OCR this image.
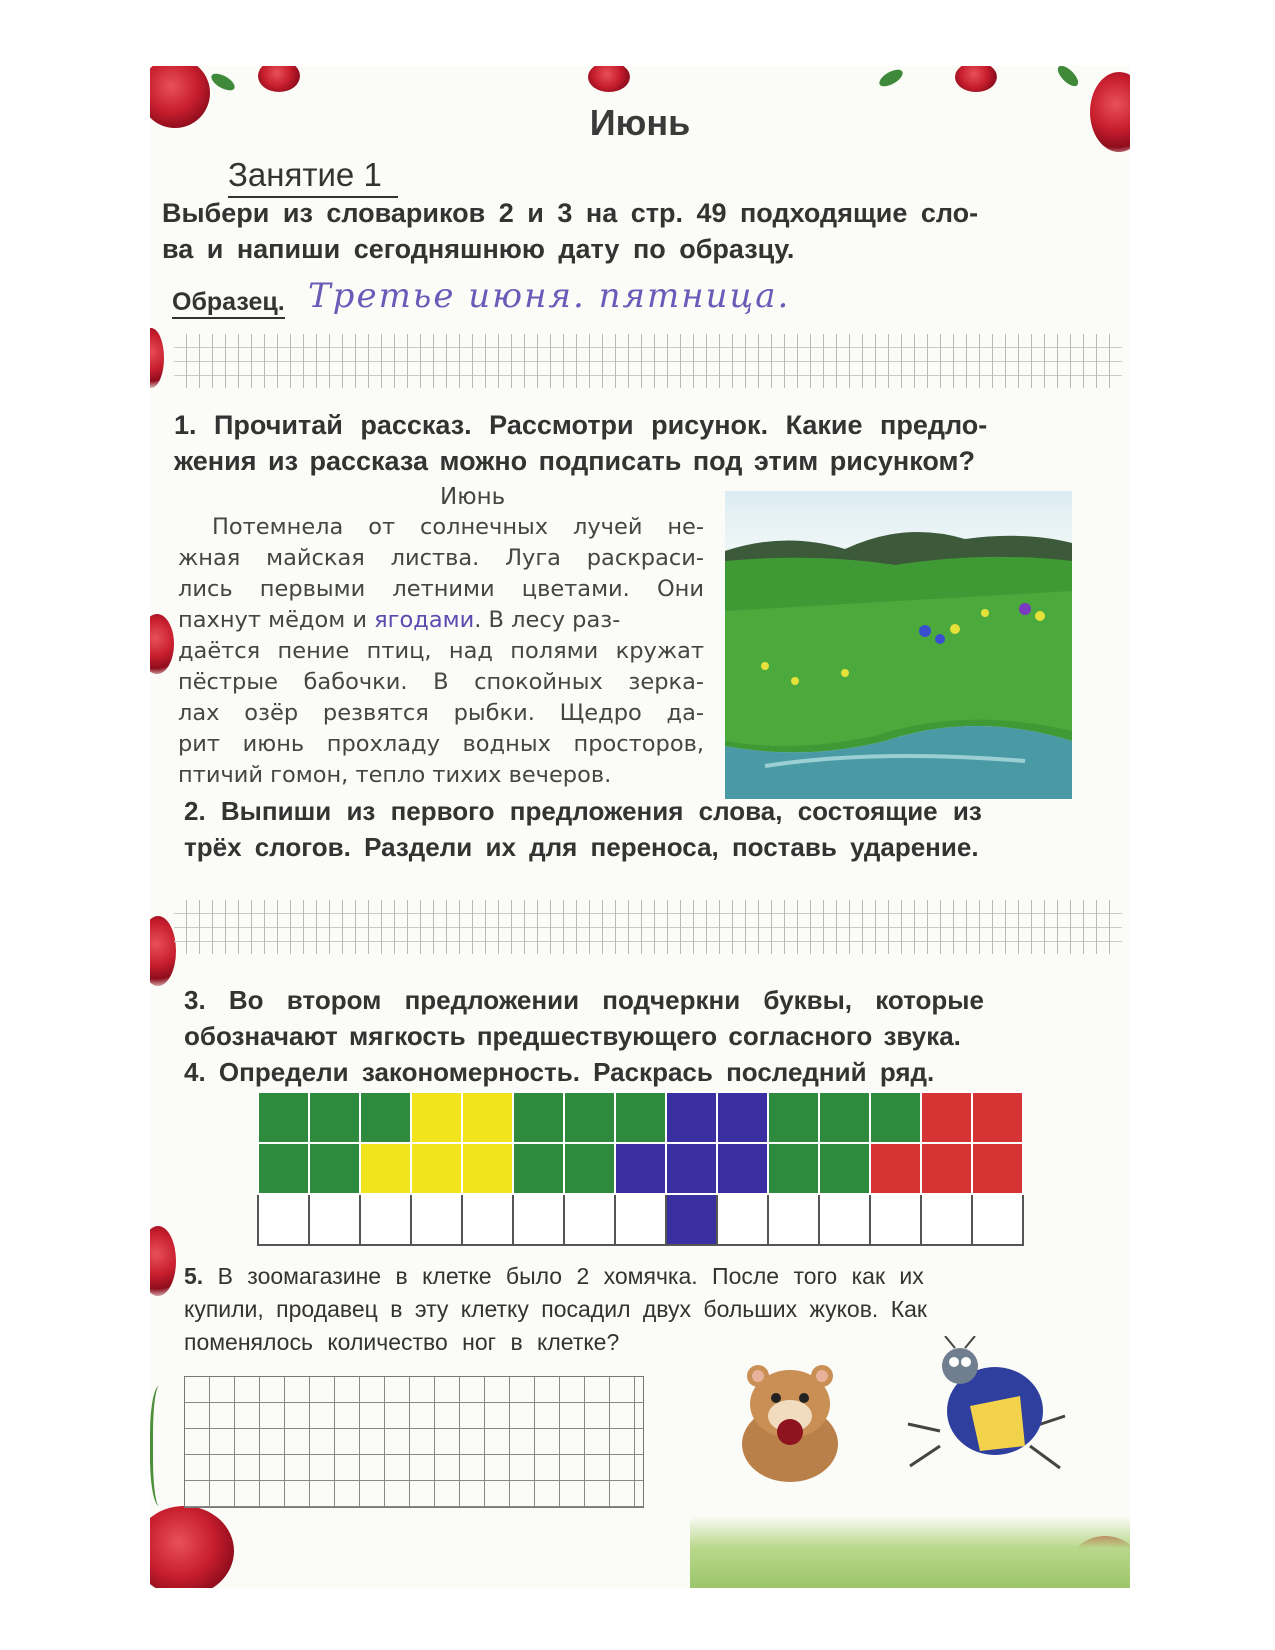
Июнь
Занятие 1
Выбери из словариков 2 и 3 на стр. 49 подходящие сло-
ва и напиши сегодняшнюю дату по образцу.
Образец. Третье июня. пятница.
1. Прочитай рассказ. Рассмотри рисунок. Какие предло-
жения из рассказа можно подписать под этим рисунком?
Июнь
Потемнела от солнечных лучей не-
жная майская листва. Луга раскраси-
лись первыми летними цветами. Они
пахнут мёдом и ягодами. В лесу раз-
даётся пение птиц, над полями кружат
пёстрые бабочки. В спокойных зерка-
лах озёр резвятся рыбки. Щедро да-
рит июнь прохладу водных просторов,
птичий гомон, тепло тихих вечеров.
2. Выпиши из первого предложения слова, состоящие из
трёх слогов. Раздели их для переноса, поставь ударение.
3. Во втором предложении подчеркни буквы, которые
обозначают мягкость предшествующего согласного звука.
4. Определи закономерность. Раскрась последний ряд.

5. В зоомагазине в клетке было 2 хомячка. После того как их
купили, продавец в эту клетку посадил двух больших жуков. Как
поменялось количество ног в клетке?
